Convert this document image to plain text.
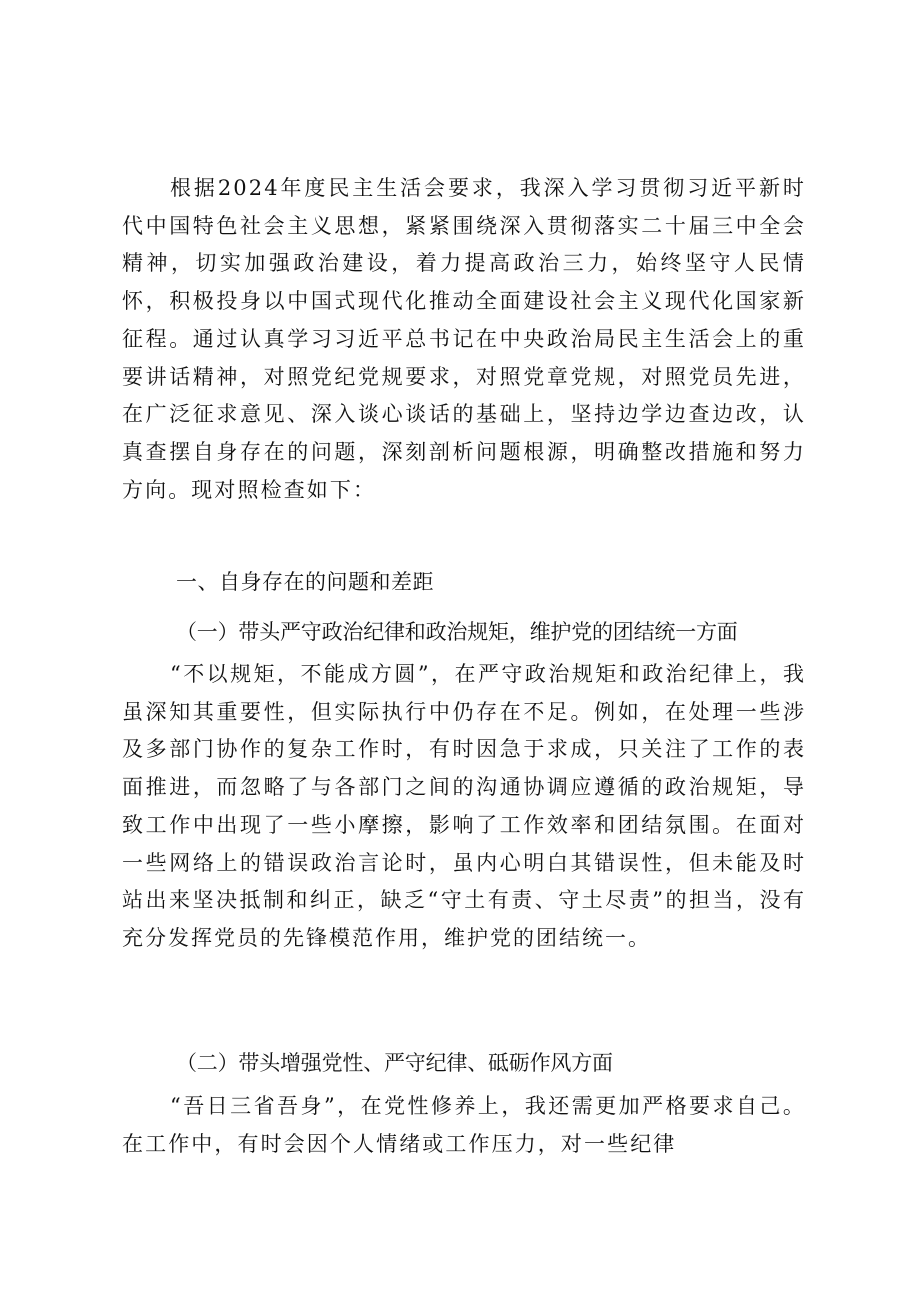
根据2024年度民主生活会要求，我深入学习贯彻习近平新时代中国特色社会主义思想，紧紧围绕深入贯彻落实二十届三中全会精神，切实加强政治建设，着力提高政治三力，始终坚守人民情怀，积极投身以中国式现代化推动全面建设社会主义现代化国家新征程。通过认真学习习近平总书记在中央政治局民主生活会上的重要讲话精神，对照党纪党规要求，对照党章党规，对照党员先进，在广泛征求意见、深入谈心谈话的基础上，坚持边学边查边改，认真查摆自身存在的问题，深刻剖析问题根源，明确整改措施和努力方向。现对照检查如下：

一、自身存在的问题和差距

（一）带头严守政治纪律和政治规矩，维护党的团结统一方面

“不以规矩，不能成方圆”，在严守政治规矩和政治纪律上，我虽深知其重要性，但实际执行中仍存在不足。例如，在处理一些涉及多部门协作的复杂工作时，有时因急于求成，只关注了工作的表面推进，而忽略了与各部门之间的沟通协调应遵循的政治规矩，导致工作中出现了一些小摩擦，影响了工作效率和团结氛围。在面对一些网络上的错误政治言论时，虽内心明白其错误性，但未能及时站出来坚决抵制和纠正，缺乏“守土有责、守土尽责”的担当，没有充分发挥党员的先锋模范作用，维护党的团结统一。

（二）带头增强党性、严守纪律、砥砺作风方面

“吾日三省吾身”，在党性修养上，我还需更加严格要求自己。在工作中，有时会因个人情绪或工作压力，对一些纪律
